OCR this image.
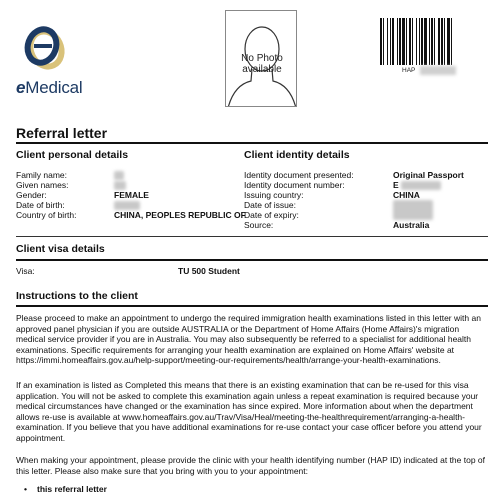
eMedical
No Photo available	HAP
Referral letter
Client personal details
Family name:
Given names:
Gender:	FEMALE
Date of birth:
Country of birth:	CHINA, PEOPLES REPUBLIC OF
Client identity details
Identity document presented:	Original Passport
Identity document number:	E
Issuing country:	CHINA
Date of issue:
Date of expiry:
Source:	Australia
Client visa details
Visa:	TU 500 Student
Instructions to the client
Please proceed to make an appointment to undergo the required immigration health examinations listed in this letter with an approved panel physician if you are outside AUSTRALIA or the Department of Home Affairs (Home Affairs)'s migration medical service provider if you are in Australia. You may also subsequently be referred to a specialist for additional health examinations. Specific requirements for arranging your health examination are explained on Home Affairs' website at https://immi.homeaffairs.gov.au/help-support/meeting-our-requirements/health/arrange-your-health-examinations.
If an examination is listed as Completed this means that there is an existing examination that can be re-used for this visa application. You will not be asked to complete this examination again unless a repeat examination is required because your medical circumstances have changed or the examination has since expired. More information about when the department allows re-use is available at www.homeaffairs.gov.au/Trav/Visa/Heal/meeting-the-healthrequirement/arranging-a-health-examination. If you believe that you have additional examinations for re-use contact your case officer before you attend your appointment.
When making your appointment, please provide the clinic with your health identifying number (HAP ID) indicated at the top of this letter. Please also make sure that you bring with you to your appointment:
• this referral letter
